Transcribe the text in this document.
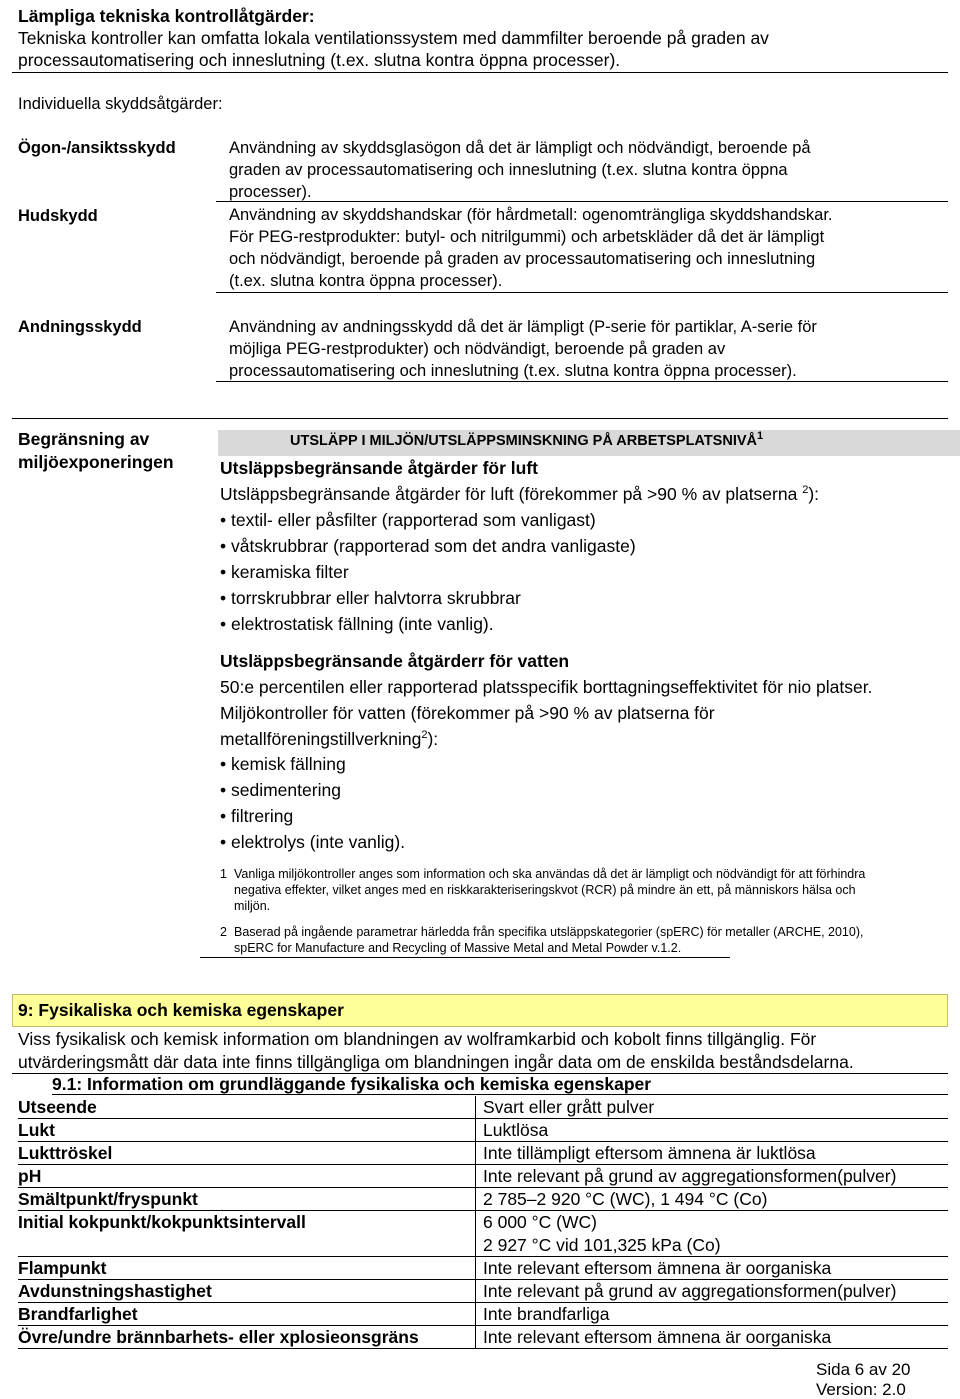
Lämpliga tekniska kontrollåtgärder:
Tekniska kontroller kan omfatta lokala ventilationssystem med dammfilter beroende på graden av
processautomatisering och inneslutning (t.ex. slutna kontra öppna processer).
Individuella skyddsåtgärder:
Ögon-/ansiktsskydd	Användning av skyddsglasögon då det är lämpligt och nödvändigt, beroende på
graden av processautomatisering och inneslutning (t.ex. slutna kontra öppna
processer).
Hudskydd	Användning av skyddshandskar (för hårdmetall: ogenomträngliga skyddshandskar.
För PEG-restprodukter: butyl- och nitrilgummi) och arbetskläder då det är lämpligt
och nödvändigt, beroende på graden av processautomatisering och inneslutning
(t.ex. slutna kontra öppna processer).
Andningsskydd	Användning av andningsskydd då det är lämpligt (P-serie för partiklar, A-serie för
möjliga PEG-restprodukter) och nödvändigt, beroende på graden av
processautomatisering och inneslutning (t.ex. slutna kontra öppna processer).
Begränsning av
miljöexponeringen
UTSLÄPP I MILJÖN/UTSLÄPPSMINSKNING PÅ ARBETSPLATSNIVÅ$^1$
Utsläppsbegränsande åtgärder för luft
Utsläppsbegränsande åtgärder för luft (förekommer på >90 % av platserna $^2$):
• textil- eller påsfilter (rapporterad som vanligast)
• våtskrubbrar (rapporterad som det andra vanligaste)
• keramiska filter
• torrskrubbrar eller halvtorra skrubbrar
• elektrostatisk fällning (inte vanlig).
Utsläppsbegränsande åtgärderr för vatten
50:e percentilen eller rapporterad platsspecifik borttagningseffektivitet för nio platser.
Miljökontroller för vatten (förekommer på >90 % av platserna för
metallföreningstillverkning$^2$):
• kemisk fällning
• sedimentering
• filtrering
• elektrolys (inte vanlig).
1 Vanliga miljökontroller anges som information och ska användas då det är lämpligt och nödvändigt för att förhindra
negativa effekter, vilket anges med en riskkarakteriseringskvot (RCR) på mindre än ett, på människors hälsa och
miljön.
2 Baserad på ingående parametrar härledda från specifika utsläppskategorier (spERC) för metaller (ARCHE, 2010),
spERC for Manufacture and Recycling of Massive Metal and Metal Powder v.1.2.
9: Fysikaliska och kemiska egenskaper
Viss fysikalisk och kemisk information om blandningen av wolframkarbid och kobolt finns tillgänglig. För
utvärderingsmått där data inte finns tillgängliga om blandningen ingår data om de enskilda beståndsdelarna.
9.1: Information om grundläggande fysikaliska och kemiska egenskaper
Utseende	Svart eller grått pulver
Lukt	Luktlösa
Lukttröskel	Inte tillämpligt eftersom ämnena är luktlösa
pH	Inte relevant på grund av aggregationsformen(pulver)
Smältpunkt/fryspunkt	2 785–2 920 °C (WC), 1 494 °C (Co)
Initial kokpunkt/kokpunktsintervall	6 000 °C (WC)
2 927 °C vid 101,325 kPa (Co)
Flampunkt	Inte relevant eftersom ämnena är oorganiska
Avdunstningshastighet	Inte relevant på grund av aggregationsformen(pulver)
Brandfarlighet	Inte brandfarliga
Övre/undre brännbarhets- eller xplosieonsgräns	Inte relevant eftersom ämnena är oorganiska
Sida 6 av 20
Version: 2.0
